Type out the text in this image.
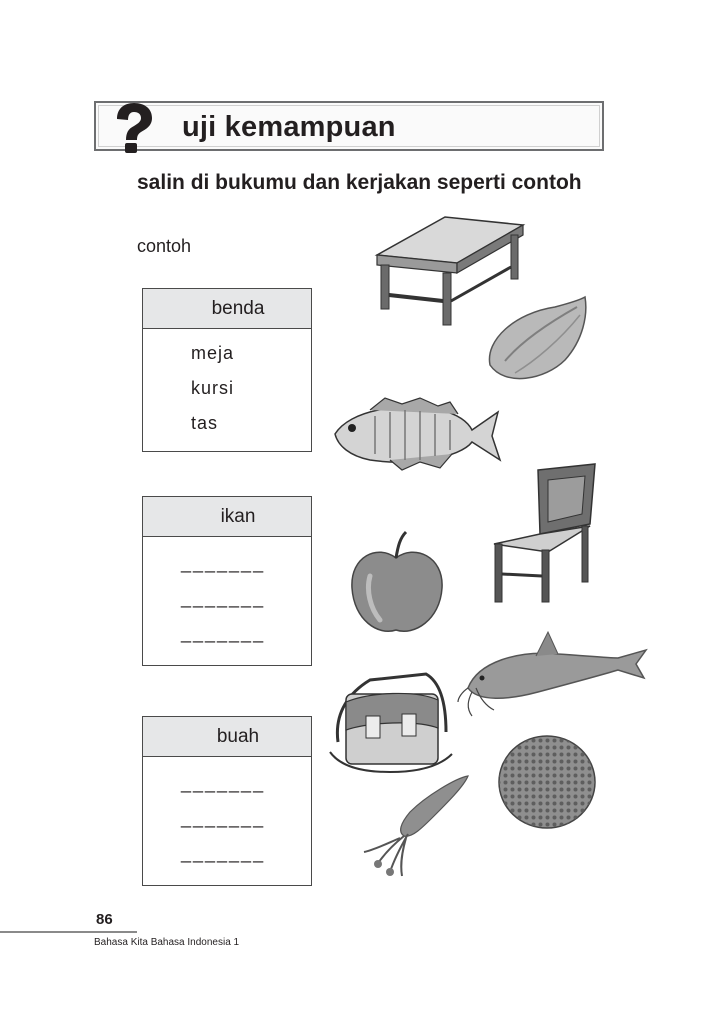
uji kemampuan
salin di bukumu dan kerjakan seperti contoh
contoh
benda
meja
kursi
tas
ikan
_______
_______
_______
buah
_______
_______
_______
86
Bahasa Kita Bahasa Indonesia 1
